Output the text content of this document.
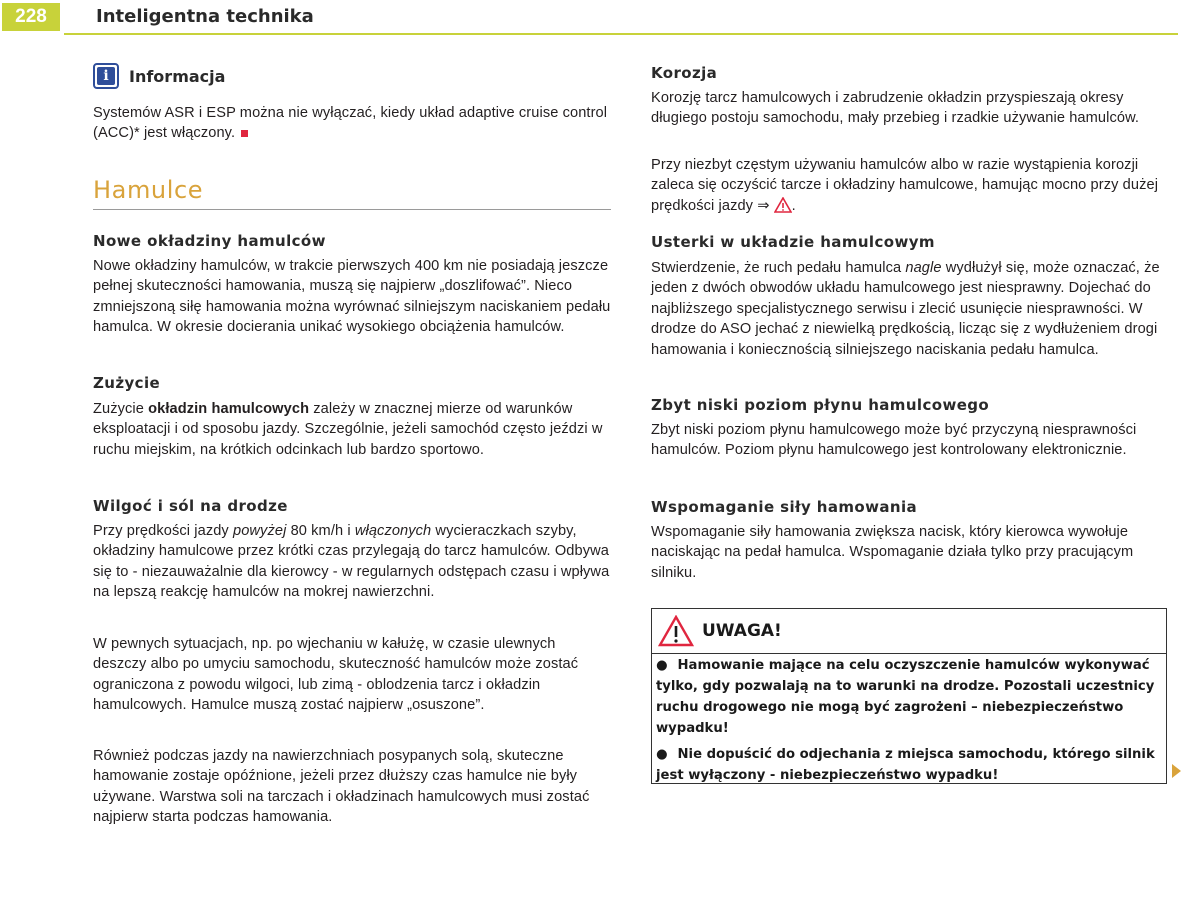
228	Inteligentna technika
i	Informacja

Systemów ASR i ESP można nie wyłączać, kiedy układ adaptive cruise control (ACC)* jest włączony.

Hamulce
Nowe okładziny hamulców

Nowe okładziny hamulców, w trakcie pierwszych 400 km nie posiadają jeszcze pełnej skuteczności hamowania, muszą się najpierw „doszlifować”. Nieco zmniejszoną siłę hamowania można wyrównać silniejszym naciskaniem pedału hamulca. W okresie docierania unikać wysokiego obciążenia hamulców.

Zużycie

Zużycie okładzin hamulcowych zależy w znacznej mierze od warunków eksploatacji i od sposobu jazdy. Szczególnie, jeżeli samochód często jeździ w ruchu miejskim, na krótkich odcinkach lub bardzo sportowo.

Wilgoć i sól na drodze

Przy prędkości jazdy powyżej 80 km/h i włączonych wycieraczkach szyby, okładziny hamulcowe przez krótki czas przylegają do tarcz hamulców. Odbywa się to - niezauważalnie dla kierowcy - w regularnych odstępach czasu i wpływa na lepszą reakcję hamulców na mokrej nawierzchni.

W pewnych sytuacjach, np. po wjechaniu w kałużę, w czasie ulewnych deszczy albo po umyciu samochodu, skuteczność hamulców może zostać ograniczona z powodu wilgoci, lub zimą - oblodzenia tarcz i okładzin hamulcowych. Hamulce muszą zostać najpierw „osuszone”.

Również podczas jazdy na nawierzchniach posypanych solą, skuteczne hamowanie zostaje opóźnione, jeżeli przez dłuższy czas hamulce nie były używane. Warstwa soli na tarczach i okładzinach hamulcowych musi zostać najpierw starta podczas hamowania.

Korozja

Korozję tarcz hamulcowych i zabrudzenie okładzin przyspieszają okresy długiego postoju samochodu, mały przebieg i rzadkie używanie hamulców.

Przy niezbyt częstym używaniu hamulców albo w razie wystąpienia korozji zaleca się oczyścić tarcze i okładziny hamulcowe, hamując mocno przy dużej prędkości jazdy ⇒ .

Usterki w układzie hamulcowym

Stwierdzenie, że ruch pedału hamulca nagle wydłużył się, może oznaczać, że jeden z dwóch obwodów układu hamulcowego jest niesprawny. Dojechać do najbliższego specjalistycznego serwisu i zlecić usunięcie niesprawności. W drodze do ASO jechać z niewielką prędkością, licząc się z wydłużeniem drogi hamowania i koniecznością silniejszego naciskania pedału hamulca.

Zbyt niski poziom płynu hamulcowego

Zbyt niski poziom płynu hamulcowego może być przyczyną niesprawności hamulców. Poziom płynu hamulcowego jest kontrolowany elektronicznie.

Wspomaganie siły hamowania

Wspomaganie siły hamowania zwiększa nacisk, który kierowca wywołuje naciskając na pedał hamulca. Wspomaganie działa tylko przy pracującym silniku.

UWAGA!
● Hamowanie mające na celu oczyszczenie hamulców wykonywać tylko, gdy pozwalają na to warunki na drodze. Pozostali uczestnicy ruchu drogowego nie mogą być zagrożeni – niebezpieczeństwo wypadku!
● Nie dopuścić do odjechania z miejsca samochodu, którego silnik jest wyłączony - niebezpieczeństwo wypadku!
